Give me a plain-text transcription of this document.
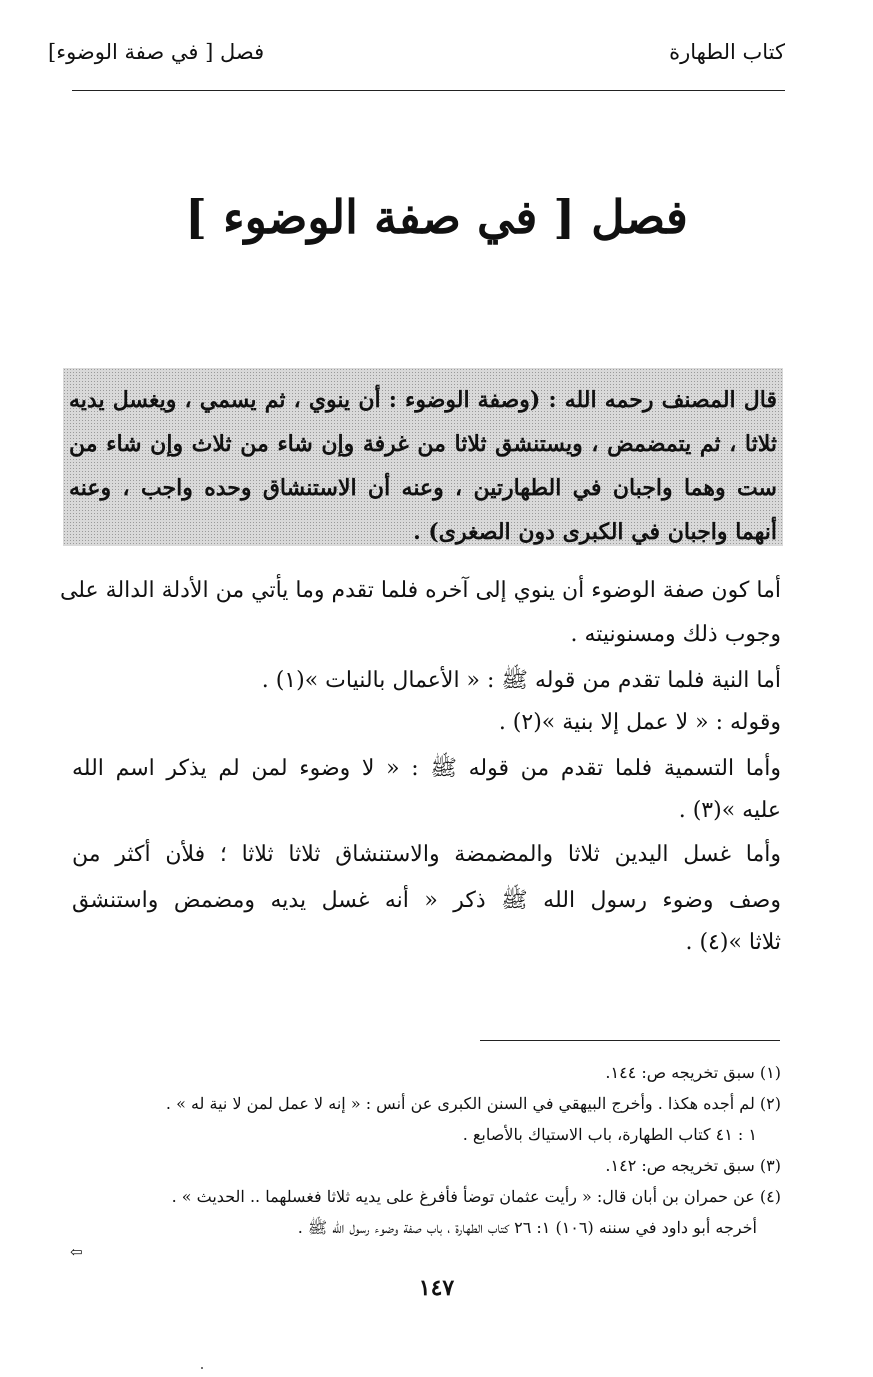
كتاب الطهارة
فصل [ في صفة الوضوء]
فصل [ في صفة الوضوء ]
قال المصنف رحمه الله : (وصفة الوضوء : أن ينوي ، ثم يسمي ، ويغسل يديه
ثلاثا ، ثم يتمضمض ، ويستنشق ثلاثا من غرفة وإن شاء من ثلاث وإن شاء من
ست وهما واجبان في الطهارتين ، وعنه أن الاستنشاق وحده واجب ، وعنه
أنهما واجبان في الكبرى دون الصغرى) .
أما كون صفة الوضوء أن ينوي إلى آخره فلما تقدم وما يأتي من الأدلة الدالة على
وجوب ذلك ومسنونيته .
أما النية فلما تقدم من قوله ﷺ : « الأعمال بالنيات »(١) .
وقوله : « لا عمل إلا بنية »(٢) .
وأما التسمية فلما تقدم من قوله ﷺ : « لا وضوء لمن لم يذكر اسم الله
عليه »(٣) .
وأما غسل اليدين ثلاثا والمضمضة والاستنشاق ثلاثا ثلاثا ؛ فلأن أكثر من
وصف وضوء رسول الله ﷺ ذكر « أنه غسل يديه ومضمض واستنشق
ثلاثا »(٤) .
(١) سبق تخريجه ص: ١٤٤.
(٢) لم أجده هكذا . وأخرج البيهقي في السنن الكبرى عن أنس : « إنه لا عمل لمن لا نية له » .
١ : ٤١ كتاب الطهارة، باب الاستياك بالأصابع .
(٣) سبق تخريجه ص: ١٤٢.
(٤) عن حمران بن أبان قال: « رأيت عثمان توضأ فأفرغ على يديه ثلاثا فغسلهما .. الحديث » .
أخرجه أبو داود في سننه (١٠٦) ١: ٢٦ كتاب الطهارة ، باب صفة وضوء رسول الله ﷺ .
⇦
١٤٧
